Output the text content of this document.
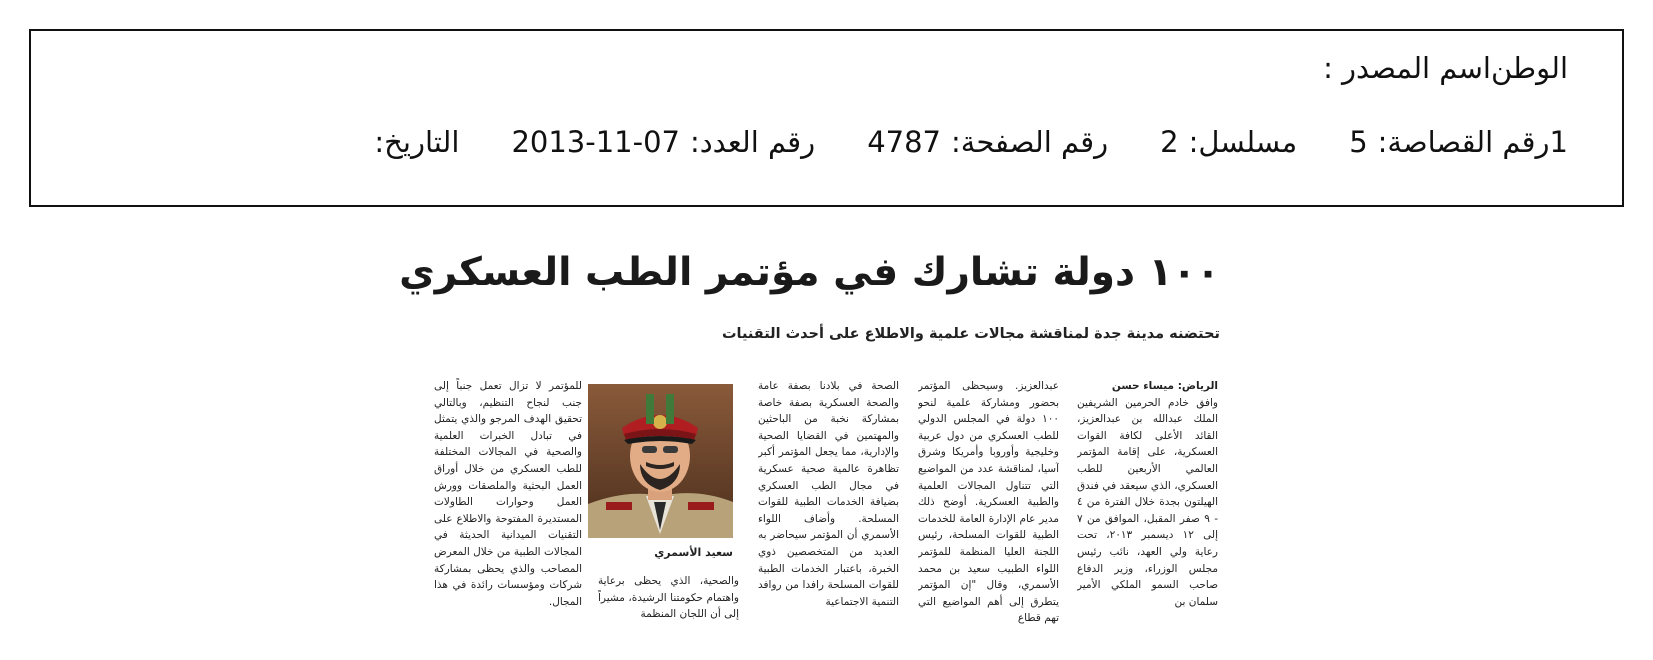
اسم المصدر : الوطن
التاريخ: 2013-11-07 رقم العدد: 4787 رقم الصفحة: 2 مسلسل: 5 رقم القصاصة: 1
١٠٠ دولة تشارك في مؤتمر الطب العسكري
تحتضنه مدينة جدة لمناقشة مجالات علمية والاطلاع على أحدث التقنيات

الرياض: ميساء حسن

وافق خادم الحرمين الشريفين الملك عبدالله بن عبدالعزيز، القائد الأعلى لكافة القوات العسكرية، على إقامة المؤتمر العالمي الأربعين للطب العسكري، الذي سيعقد في فندق الهيلتون بجدة خلال الفترة من ٤ - ٩ صفر المقبل، الموافق من ٧ إلى ١٢ ديسمبر ٢٠١٣، تحت رعاية ولي العهد، نائب رئيس مجلس الوزراء، وزير الدفاع صاحب السمو الملكي الأمير سلمان بن

عبدالعزيز. وسيحظى المؤتمر بحضور ومشاركة علمية لنحو ١٠٠ دولة في المجلس الدولي للطب العسكري من دول عربية وخليجية وأوروبا وأمريكا وشرق آسيا، لمناقشة عدد من المواضيع التي تتناول المجالات العلمية والطبية العسكرية. أوضح ذلك مدير عام الإدارة العامة للخدمات الطبية للقوات المسلحة، رئيس اللجنة العليا المنظمة للمؤتمر اللواء الطبيب سعيد بن محمد الأسمري، وقال "إن المؤتمر يتطرق إلى أهم المواضيع التي تهم قطاع

الصحة في بلادنا بصفة عامة والصحة العسكرية بصفة خاصة بمشاركة نخبة من الباحثين والمهتمين في القضايا الصحية والإدارية، مما يجعل المؤتمر أكبر تظاهرة عالمية صحية عسكرية في مجال الطب العسكري بضيافة الخدمات الطبية للقوات المسلحة. وأضاف اللواء الأسمري أن المؤتمر سيحاضر به العديد من المتخصصين ذوي الخبرة، باعتبار الخدمات الطبية للقوات المسلحة رافدا من روافد التنمية الاجتماعية

سعيد الأسمري

والصحية، الذي يحظى برعاية واهتمام حكومتنا الرشيدة، مشيراً إلى أن اللجان المنظمة

للمؤتمر لا تزال تعمل جنباً إلى جنب لنجاح التنظيم، وبالتالي تحقيق الهدف المرجو والذي يتمثل في تبادل الخبرات العلمية والصحية في المجالات المختلفة للطب العسكري من خلال أوراق العمل البحثية والملصقات وورش العمل وحوارات الطاولات المستديرة المفتوحة والاطلاع على التقنيات الميدانية الحديثة في المجالات الطبية من خلال المعرض المصاحب والذي يحظى بمشاركة شركات ومؤسسات رائدة في هذا المجال.
